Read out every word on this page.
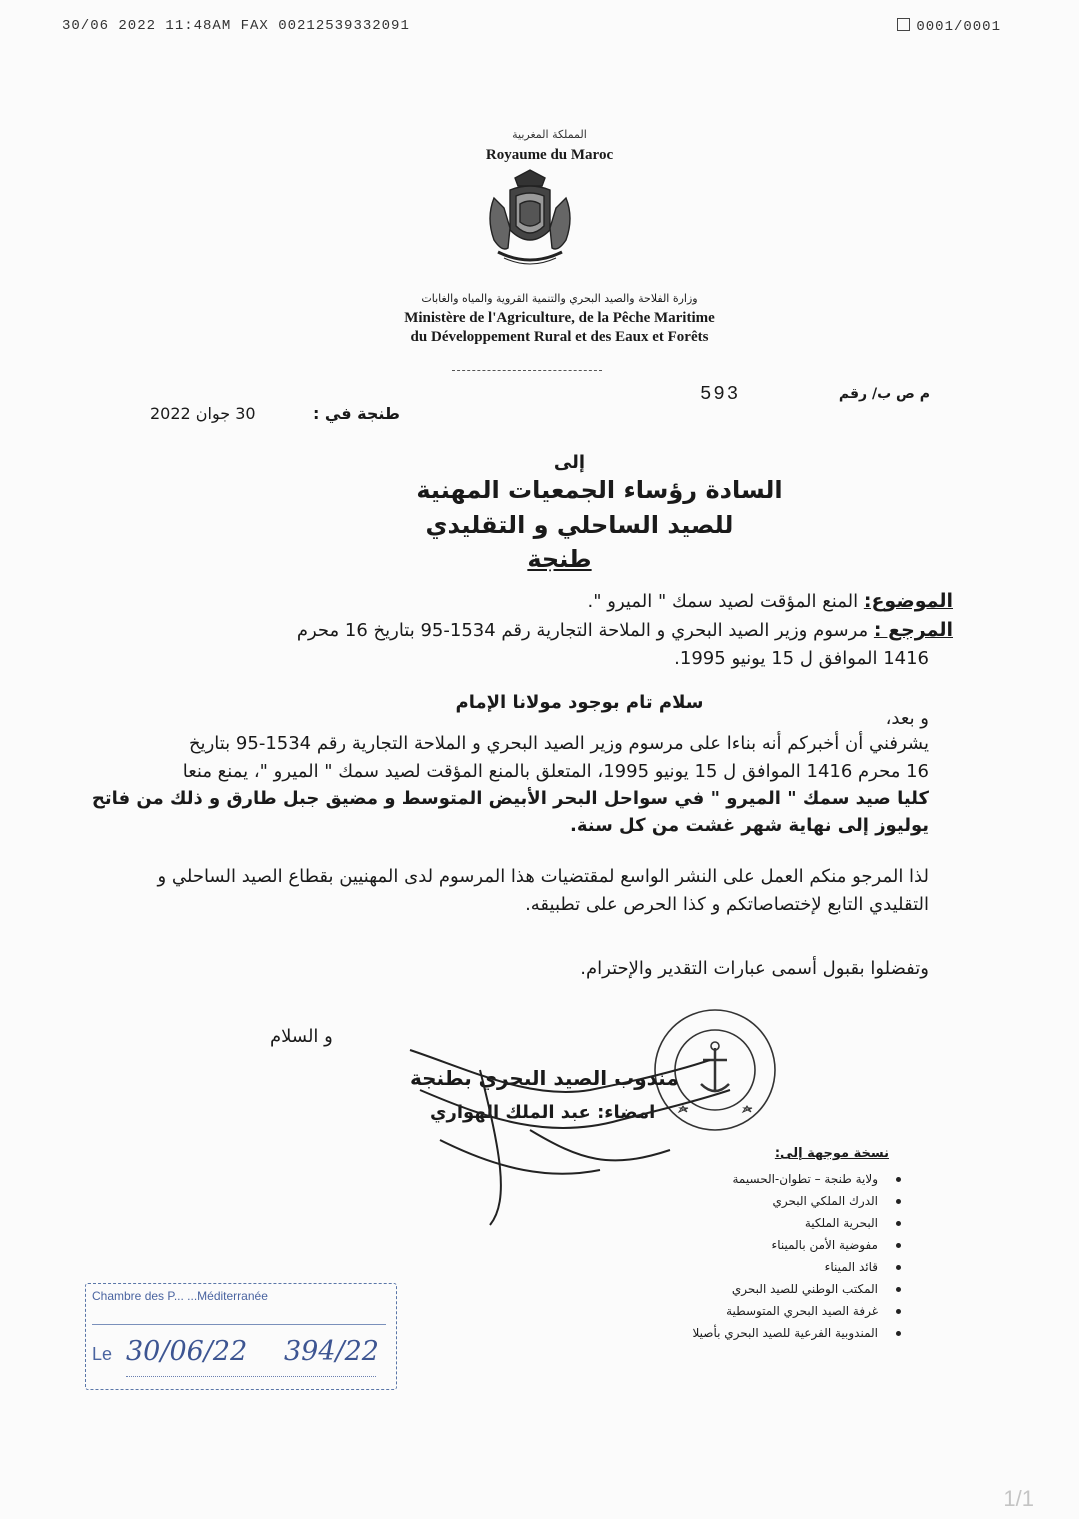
30/06 2022 11:48AM FAX 00212539332091	0001/0001
المملكة المغربية
Royaume du Maroc
وزارة الفلاحة والصيد البحري والتنمية القروية والمياه والغابات
Ministère de l'Agriculture, de la Pêche Maritime
du Développement Rural et des Eaux et Forêts
593	م ص ب/ رقم
30 جوان 2022	طنجة في :
إلى
السادة رؤساء الجمعيات المهنية
للصيد الساحلي و التقليدي
طنجة
الموضوع: المنع المؤقت لصيد سمك " الميرو ".
المرجع : مرسوم وزير الصيد البحري و الملاحة التجارية رقم 1534-95 بتاريخ 16 محرم
1416 الموافق ل 15 يونيو 1995.
سلام تام بوجود مولانا الإمام
و بعد،
يشرفني أن أخبركم أنه بناءا على مرسوم وزير الصيد البحري و الملاحة التجارية رقم 1534-95 بتاريخ
16 محرم 1416 الموافق ل 15 يونيو 1995، المتعلق بالمنع المؤقت لصيد سمك " الميرو "، يمنع منعا
كليا صيد سمك " الميرو " في سواحل البحر الأبيض المتوسط و مضيق جبل طارق و ذلك من فاتح
يوليوز إلى نهاية شهر غشت من كل سنة.
لذا المرجو منكم العمل على النشر الواسع لمقتضيات هذا المرسوم لدى المهنيين بقطاع الصيد الساحلي و
التقليدي التابع لإختصاصاتكم و كذا الحرص على تطبيقه.
وتفضلوا بقبول أسمى عبارات التقدير والإحترام.
و السلام
مندوب الصيد البحري بطنجة
امضاء: عبد الملك الهواري
نسخة موجهة إلى:
ولاية طنجة – تطوان-الحسيمة
الدرك الملكي البحري
البحرية الملكية
مفوضية الأمن بالميناء
قائد الميناء
المكتب الوطني للصيد البحري
غرفة الصيد البحري المتوسطية
المندوبية الفرعية للصيد البحري بأصيلا
Chambre des P... ...Méditerranée
Le 30/06/22 394/22
1/1
